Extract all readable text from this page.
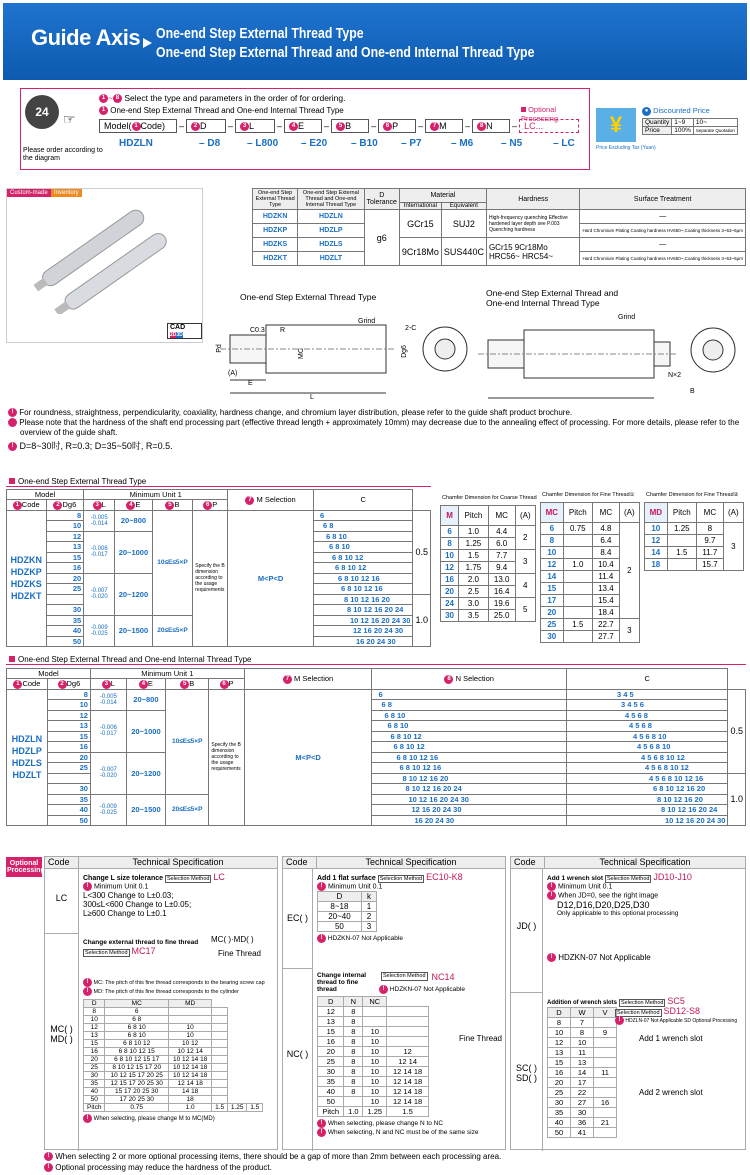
Guide Axis One-end Step External Thread Type
One-end Step External Thread and One-end Internal Thread Type
24	☞
Please order according to the diagram
1 ~ 8 Select the type and parameters in the order of for ordering.
1 One-end Step External Thread and One-end Internal Thread Type	Optional Processing
Model( 1 Code)	–	2 D	–	3 L	–	4 E	–	5 B	–	6 P	–	7 M	–	8 N	– LC...
HDZLN	– D8	– L800	– E20	– B10	– P7	– M6	– N5	– LC
¥
Price Excluding Tax (Yuan)
● Discounted Price
Quantity	1~9	10~
Price	100%	Separate Quotation
Custom-made	Inventory
CAD 2D3D
One-end Step External Thread Type	One-end Step External Thread and One-end Internal Thread Type	D Tolerance	Material		Hardness	Surface Treatment
			International	Equivalent		
HDZKN	HDZLN	g6	GCr15	SUJ2	High-frequency quenching Effective hardened layer depth see P.003 Quenching hardness	—
HDZKP	HDZLP					Hard Chromium Plating Coating hardness HV650~,Coating thickness 3~53~5μm
HDZKS	HDZLS		9Cr18Mo	SUS440C	GCr15 9Cr18Mo HRC56~ HRC54~	—
HDZKT	HDZLT					Hard Chromium Plating Coating hardness HV650~,Coating thickness 3~53~5μm
One-end Step External Thread Type	One-end Step External Thread and One-end Internal Thread Type
Grind
C0.3 R	2-C
Pd	MC	Dg6
(A)
E
L
Grind
N×2
B
! For roundness, straightness, perpendicularity, coaxiality, hardness change, and chromium layer distribution, please refer to the guide shaft product brochure.
! Please note that the hardness of the shaft end processing part (effective thread length + approximately 10mm) may decrease due to the annealing effect of processing. For more details, please refer to the overview of the guide shaft.
! D=8~30时, R=0.3; D=35~50时, R=0.5.
One-end Step External Thread Type
Model		Minimum Unit 1				7 M Selection	C	
1 Code	2 Dg6	3 L	4 E	5 B	6 P			

HDZKN
HDZKP
HDZKS
HDZKT	8	-0.005 -0.014	20~800	10≤E≤5×P	Specify the B dimension according to the usage requirements	M<P<D	6	0.5
	10						6 8	
	12	-0.006 -0.017	20~1000				6 8 10	
	13						6 8 10	
	15						6 8 10 12	
	16						6 8 10 12	
	20	-0.007 -0.020	20~1200				6 8 10 12 16	
	25						6 8 10 12 16	
							8 10 12 16 20	1.0
	30						8 10 12 16 20 24	
	35	-0.009 -0.025	20~1500	20≤E≤5×P			10 12 16 20 24 30	
	40						12 16 20 24 30	
	50						16 20 24 30	
Chamfer Dimension for Coarse Thread
M	Pitch	MC	(A)
6	1.0	4.4	2
8	1.25	6.0	
10	1.5	7.7	3
12	1.75	9.4	
16	2.0	13.0	4
20	2.5	16.4	
24	3.0	19.6	5
30	3.5	25.0	
Chamfer Dimension for Fine Thread①
MC	Pitch	MC	(A)
6	0.75	4.8	2
8		6.4	
10		8.4	
12	1.0	10.4	
14		11.4	
15		13.4	
17		15.4	
20		18.4	
25	1.5	22.7	3
30		27.7	
Chamfer Dimension for Fine Thread②
MD	Pitch	MC	(A)
10	1.25	8	3
12		9.7	
14	1.5	11.7	
18		15.7	
One-end Step External Thread and One-end Internal Thread Type
Model		Minimum Unit 1				7 M Selection	8 N Selection	C	
1 Code	2 Dg6	3 L	4 E	5 B	6 P				

HDZLN
HDZLP
HDZLS
HDZLT	8	-0.005 -0.014	20~800	10≤E≤5×P	Specify the B dimension according to the usage requirements	M<P<D	6	3 4 5	0.5
	10						6 8	3 4 5 6	
	12	-0.006 -0.017	20~1000				6 8 10	4 5 6 8	
	13						6 8 10	4 5 6 8	
	15						6 8 10 12	4 5 6 8 10	
	16						6 8 10 12	4 5 6 8 10	
	20	-0.007 -0.020	20~1200				6 8 10 12 16	4 5 6 8 10 12	
	25						6 8 10 12 16	4 5 6 8 10 12	
							8 10 12 16 20	4 5 6 8 10 12 16	1.0
	30						8 10 12 16 20 24	6 8 10 12 16 20	
	35	-0.009 -0.025	20~1500	20≤E≤5×P			10 12 16 20 24 30	8 10 12 16 20	
	40						12 16 20 24 30	8 10 12 16 20 24	
	50						16 20 24 30	10 12 16 20 24 30	
Optional Processing
Code	Technical Specification
LC
Change L size tolerance Selection Method LC
! Minimum Unit 0.1
L<300 Change to L±0.03;
300≤L<600 Change to L±0.05;
L≥600 Change to L±0.1
MC( ) MD( )
Change external thread to fine thread
Selection Method MC17
MC( )·MD( )
Fine Thread
! MC: The pitch of this fine thread corresponds to the bearing screw cap
! MD: The pitch of this fine thread corresponds to the cylinder
D	MC	MD			
8	6				
10	6 8				
12	6 8 10	10			
13	6 8 10	10			
15	6 8 10 12	10 12			
16	6 8 10 12 15	10 12 14			
20	6 8 10 12 15 17	10 12 14 18			
25	8 10 12 15 17 20	10 12 14 18			
30	10 12 15 17 20 25	10 12 14 18			
35	12 15 17 20 25 30	12 14 18			
40	15 17 20 25 30	14 18			
50	17 20 25 30	18			
Pitch	0.75	1.0	1.5	1.25	1.5
! When selecting, please change M to MC(MD)
Code	Technical Specification
EC( )
Add 1 flat surface Selection Method EC10-K8
! Minimum Unit 0.1
D	k
8~18	1
20~40	2
50	3
! HDZKN-07 Not Applicable
NC( )
Change internal thread to fine thread
Selection Method NC14
! HDZKN-07 Not Applicable
D	N	NC	
12	8		
13	8		
15	8	10	
16	8	10	
20	8	10	12
25	8	10	12 14
30	8	10	12 14 18
35	8	10	12 14 18
40	8	10	12 14 18
50		10	12 14 18
Pitch	1.0	1.25	1.5
Fine Thread
! When selecting, please change N to NC
! When selecting, N and NC must be of the same size
Code	Technical Specification
JD( )
Add 1 wrench slot Selection Method JD10-J10
! Minimum Unit 0.1
! When JD=0, see the right image
D12,D16,D20,D25,D30
Only applicable to this optional processing
! HDZKN-07 Not Applicable
SC( ) SD( )
Addition of wrench slots Selection Method SC5
Selection Method SD12-S8
! HDZLN-07 Not Applicable SD Optional Processing
D	W	V
8	7	
10	8	9
12	10	
13	11	
15	13	
16	14	11
20	17	
25	22	
30	27	16
35	30	
40	36	21
50	41	
Add 1 wrench slot
Add 2 wrench slot
! When selecting 2 or more optional processing items, there should be a gap of more than 2mm between each processing area.
! Optional processing may reduce the hardness of the product.
